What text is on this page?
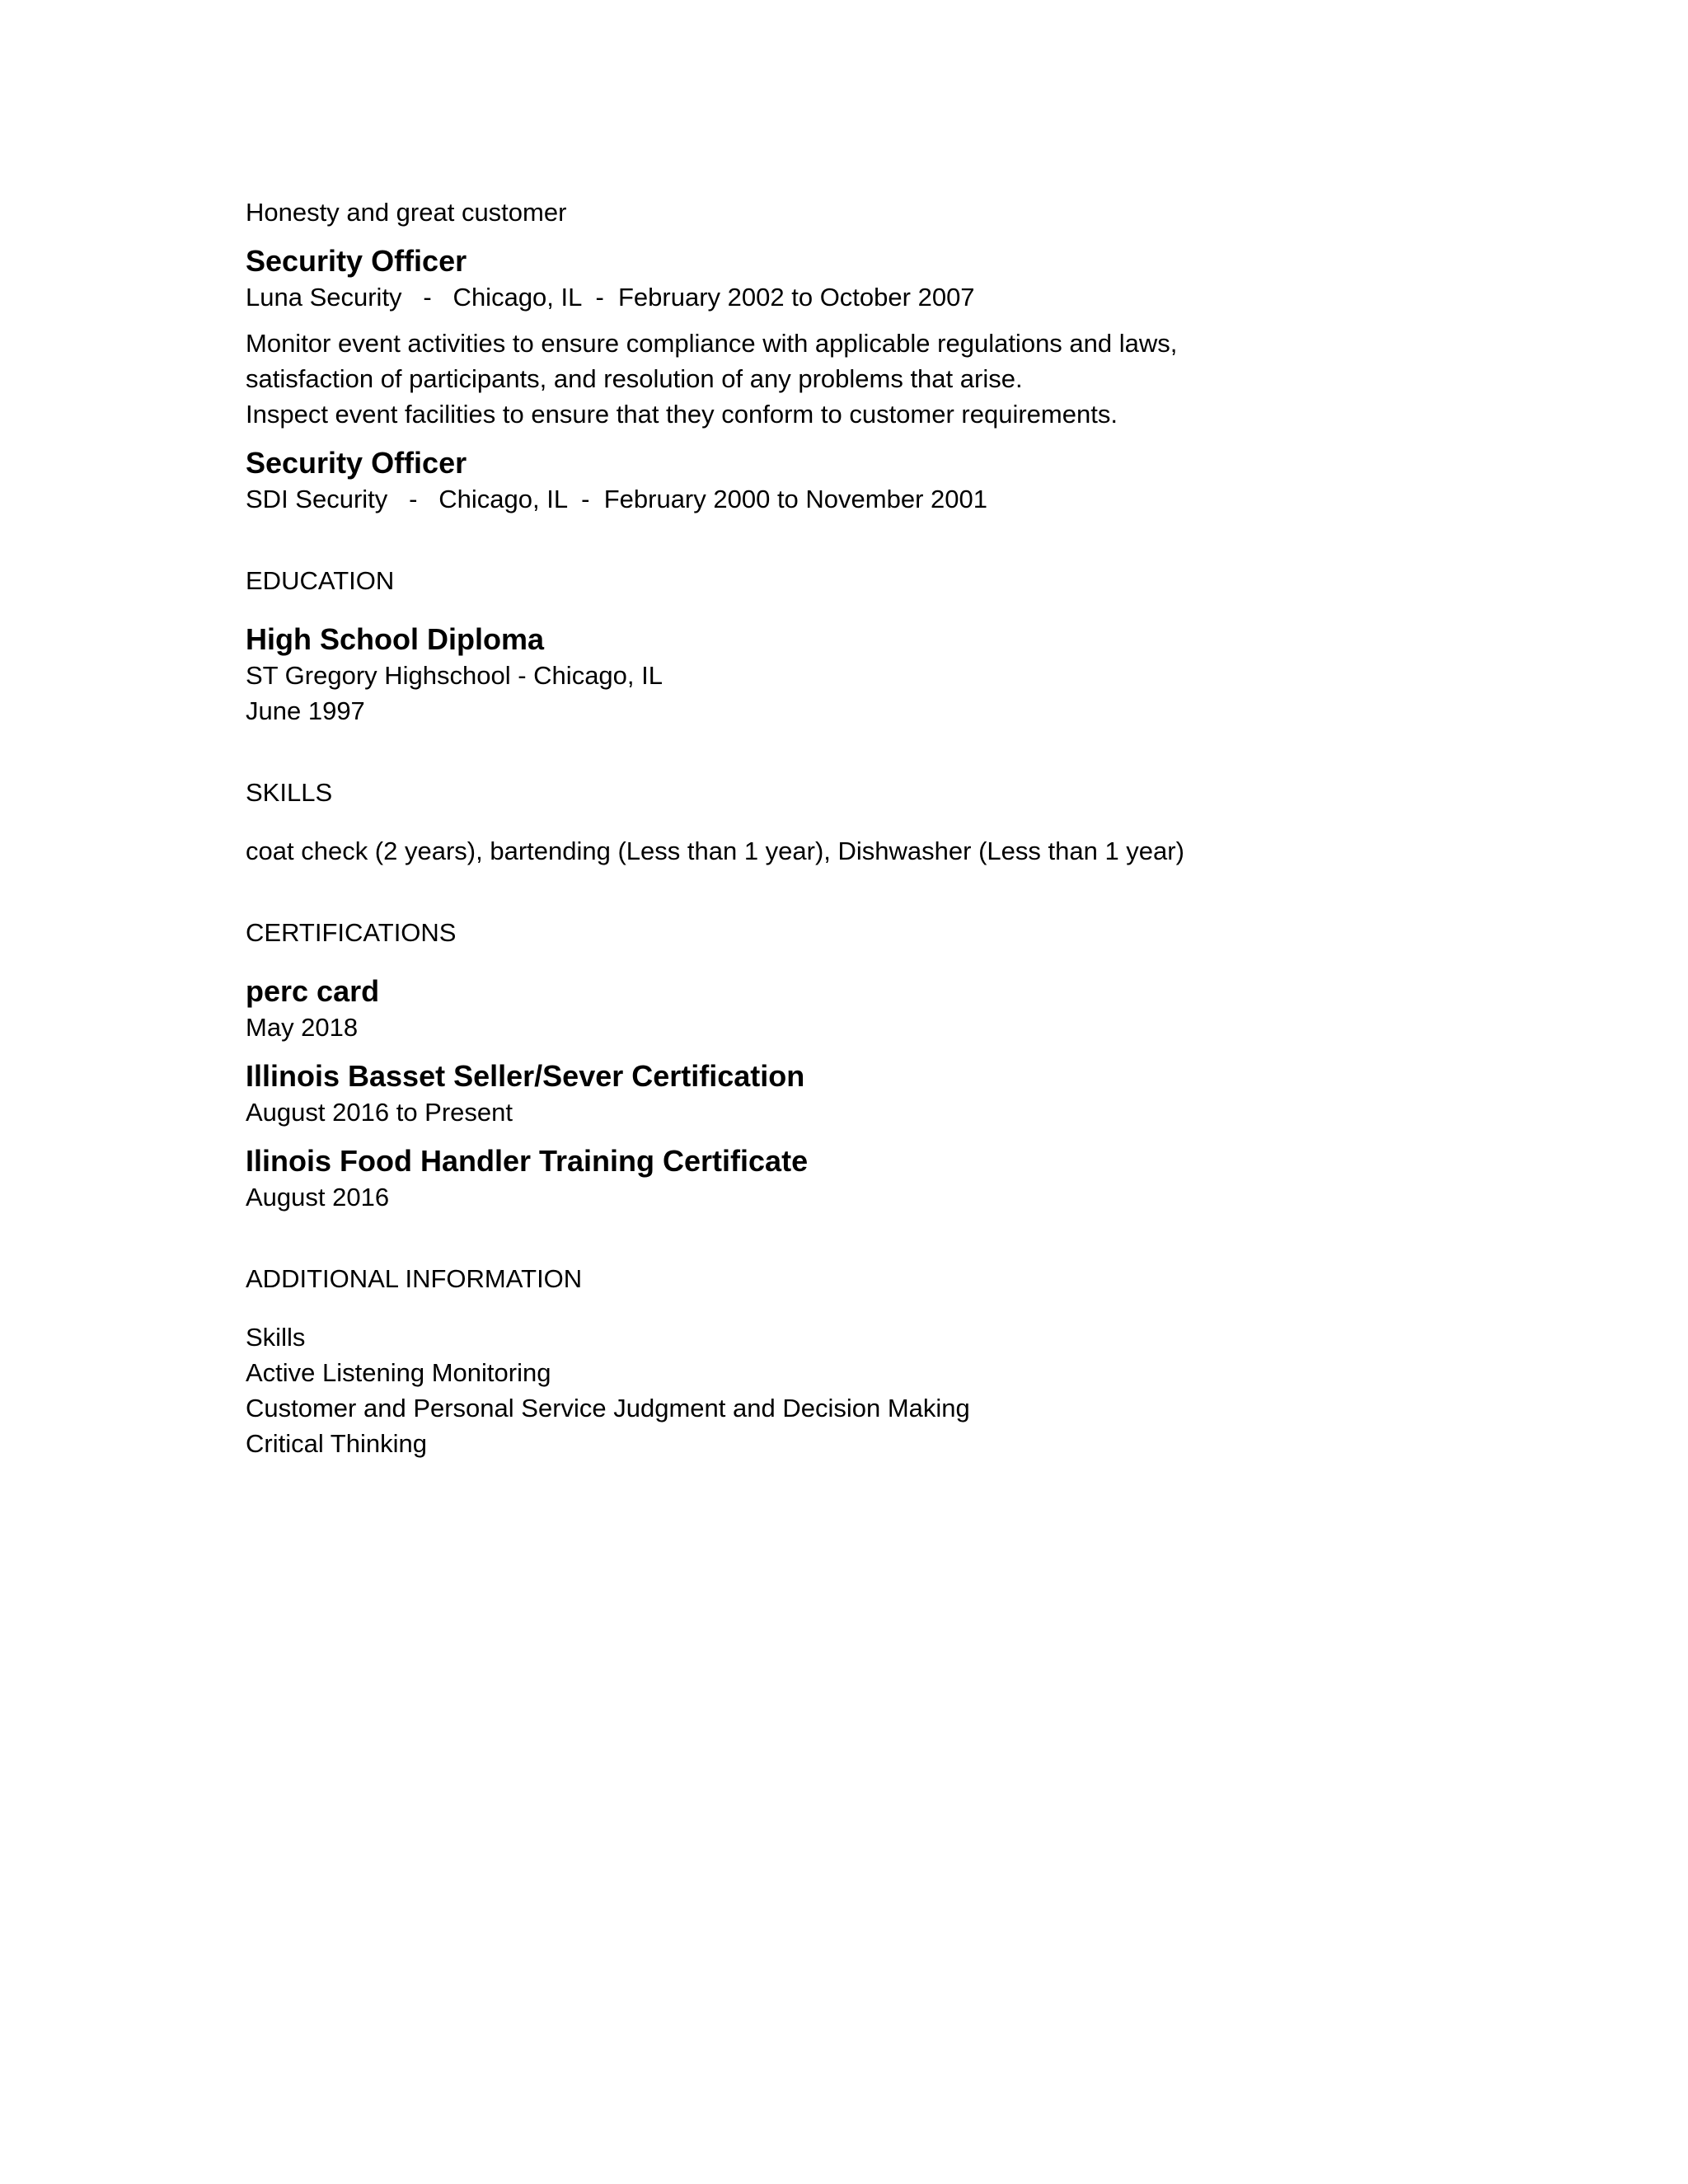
Honesty and great customer
Security Officer
Luna Security   -   Chicago, IL  -  February 2002 to October 2007
Monitor event activities to ensure compliance with applicable regulations and laws,
satisfaction of participants, and resolution of any problems that arise.
Inspect event facilities to ensure that they conform to customer requirements.
Security Officer
SDI Security   -   Chicago, IL  -  February 2000 to November 2001
EDUCATION
High School Diploma
ST Gregory Highschool - Chicago, IL
June 1997
SKILLS
coat check (2 years), bartending (Less than 1 year), Dishwasher (Less than 1 year)
CERTIFICATIONS
perc card
May 2018
Illinois Basset Seller/Sever Certification
August 2016 to Present
Ilinois Food Handler Training Certificate
August 2016
ADDITIONAL INFORMATION
Skills
Active Listening Monitoring
Customer and Personal Service Judgment and Decision Making
Critical Thinking
